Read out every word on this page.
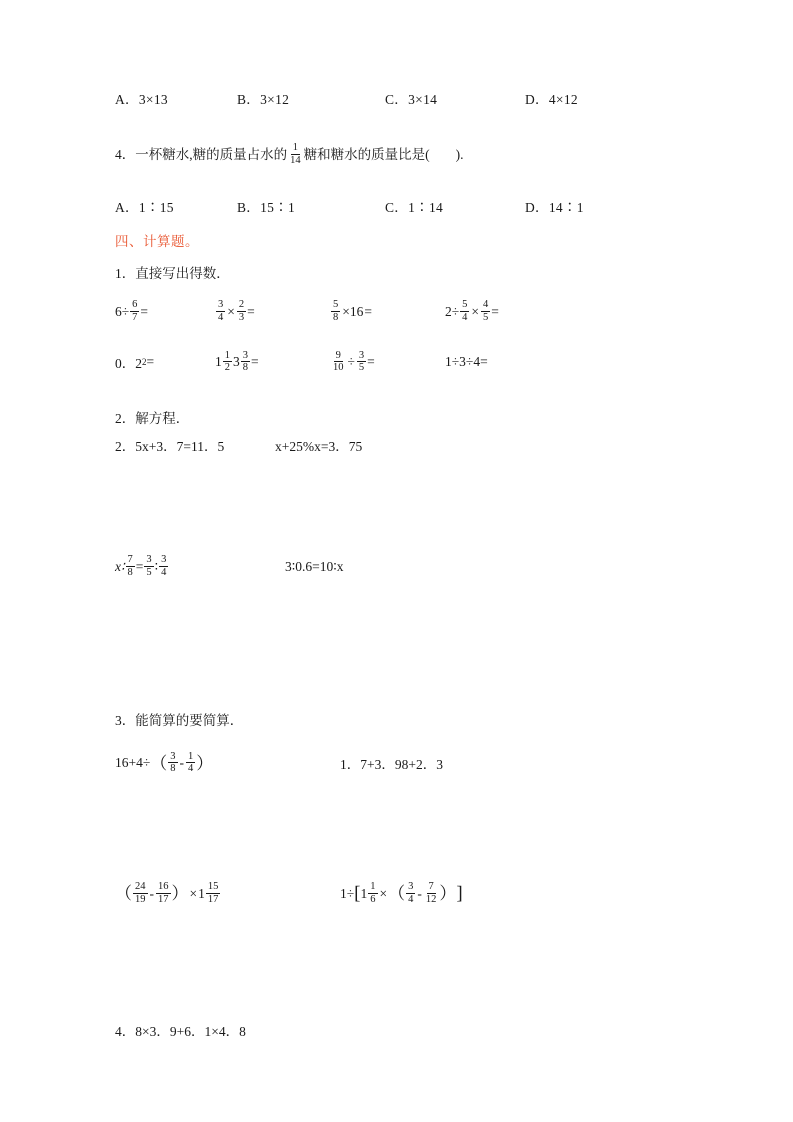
A．3×13	B．3×12	C．3×14	D．4×12
4．一杯糖水,糖的质量占水的 $\frac{1}{14}$ 糖和糖水的质量比是( ).
A．1∶15	B．15∶1	C．1∶14	D．14∶1
四、计算题。
1．直接写出得数．
$6\div \frac{6}{7}$ =	$\frac{3}{4} \times \frac{2}{3}$ =	$\frac{5}{8} \times 16$ =	$2\div \frac{5}{4} \times \frac{4}{5}$ =
0．2 2 =	$1 \frac{1}{2} 3 \frac{3}{8}$ =	$\frac{9}{10} \div \frac{3}{5}$ =	1÷3÷4=
2．解方程．
2．5x+3．7=11．5	x+25%x=3．75
x∶ $\frac{7}{8} = \frac{3}{5}$ ∶ $\frac{3}{4}$	3∶0.6=10∶x
3．能简算的要简算．
16+4÷ （ $\frac{3}{8} - \frac{1}{4}$ ）	1．7+3．98+2．3
（ $\frac{24}{19} - \frac{16}{17}$ ） × $1 \frac{15}{17}$	1÷ [ $1 \frac{1}{6}$ × （ $\frac{3}{4} - \frac{7}{12}$ ） ]
4．8×3．9+6．1×4．8
